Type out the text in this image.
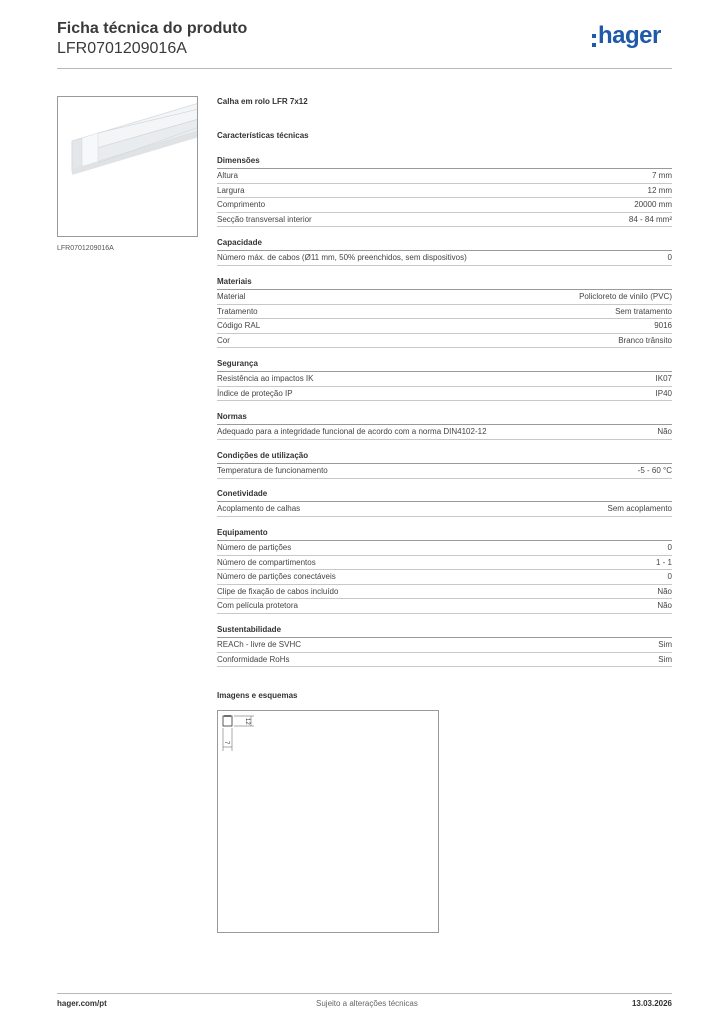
Ficha técnica do produto
LFR0701209016A	hager
LFR0701209016A
Calha em rolo LFR 7x12
Características técnicas
Dimensões
Altura	7 mm
Largura	12 mm
Comprimento	20000 mm
Secção transversal interior	84 - 84 mm²
Capacidade
Número máx. de cabos (Ø11 mm, 50% preenchidos, sem dispositivos)	0
Materiais
Material	Policloreto de vinilo (PVC)
Tratamento	Sem tratamento
Código RAL	9016
Cor	Branco trânsito
Segurança
Resistência ao impactos IK	IK07
Índice de proteção IP	IP40
Normas
Adequado para a integridade funcional de acordo com a norma DIN4102-12	Não
Condições de utilização
Temperatura de funcionamento	-5 - 60 °C
Conetividade
Acoplamento de calhas	Sem acoplamento
Equipamento
Número de partições	0
Número de compartimentos	1 - 1
Número de partições conectáveis	0
Clipe de fixação de cabos incluído	Não
Com película protetora	Não
Sustentabilidade
REACh - livre de SVHC	Sim
Conformidade RoHs	Sim
Imagens e esquemas
12
7
hager.com/pt	Sujeito a alterações técnicas	13.03.2026
